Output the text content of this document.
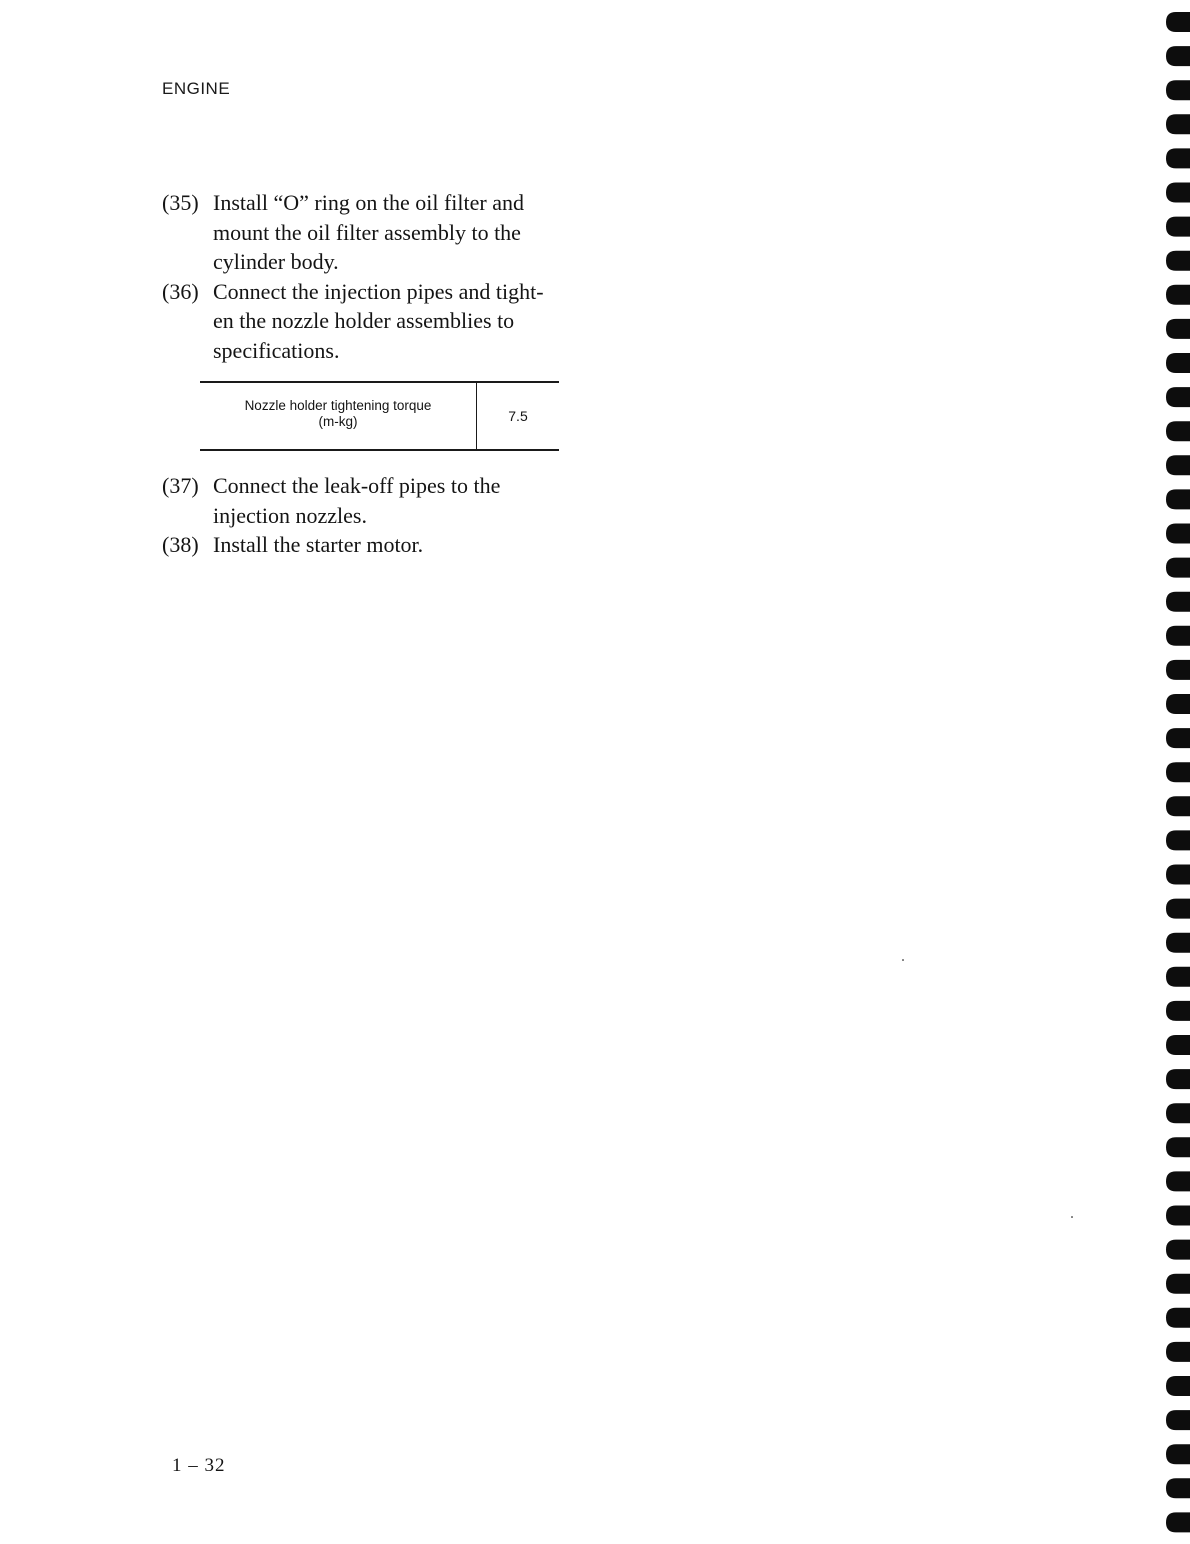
ENGINE
(35) Install “O” ring on the oil filter and
mount the oil filter assembly to the
cylinder body.
(36) Connect the injection pipes and tight-
en the nozzle holder assemblies to
specifications.
Nozzle holder tightening torque
(m-kg)	7.5
(37) Connect the leak-off pipes to the
injection nozzles.
(38) Install the starter motor.
1 – 32
